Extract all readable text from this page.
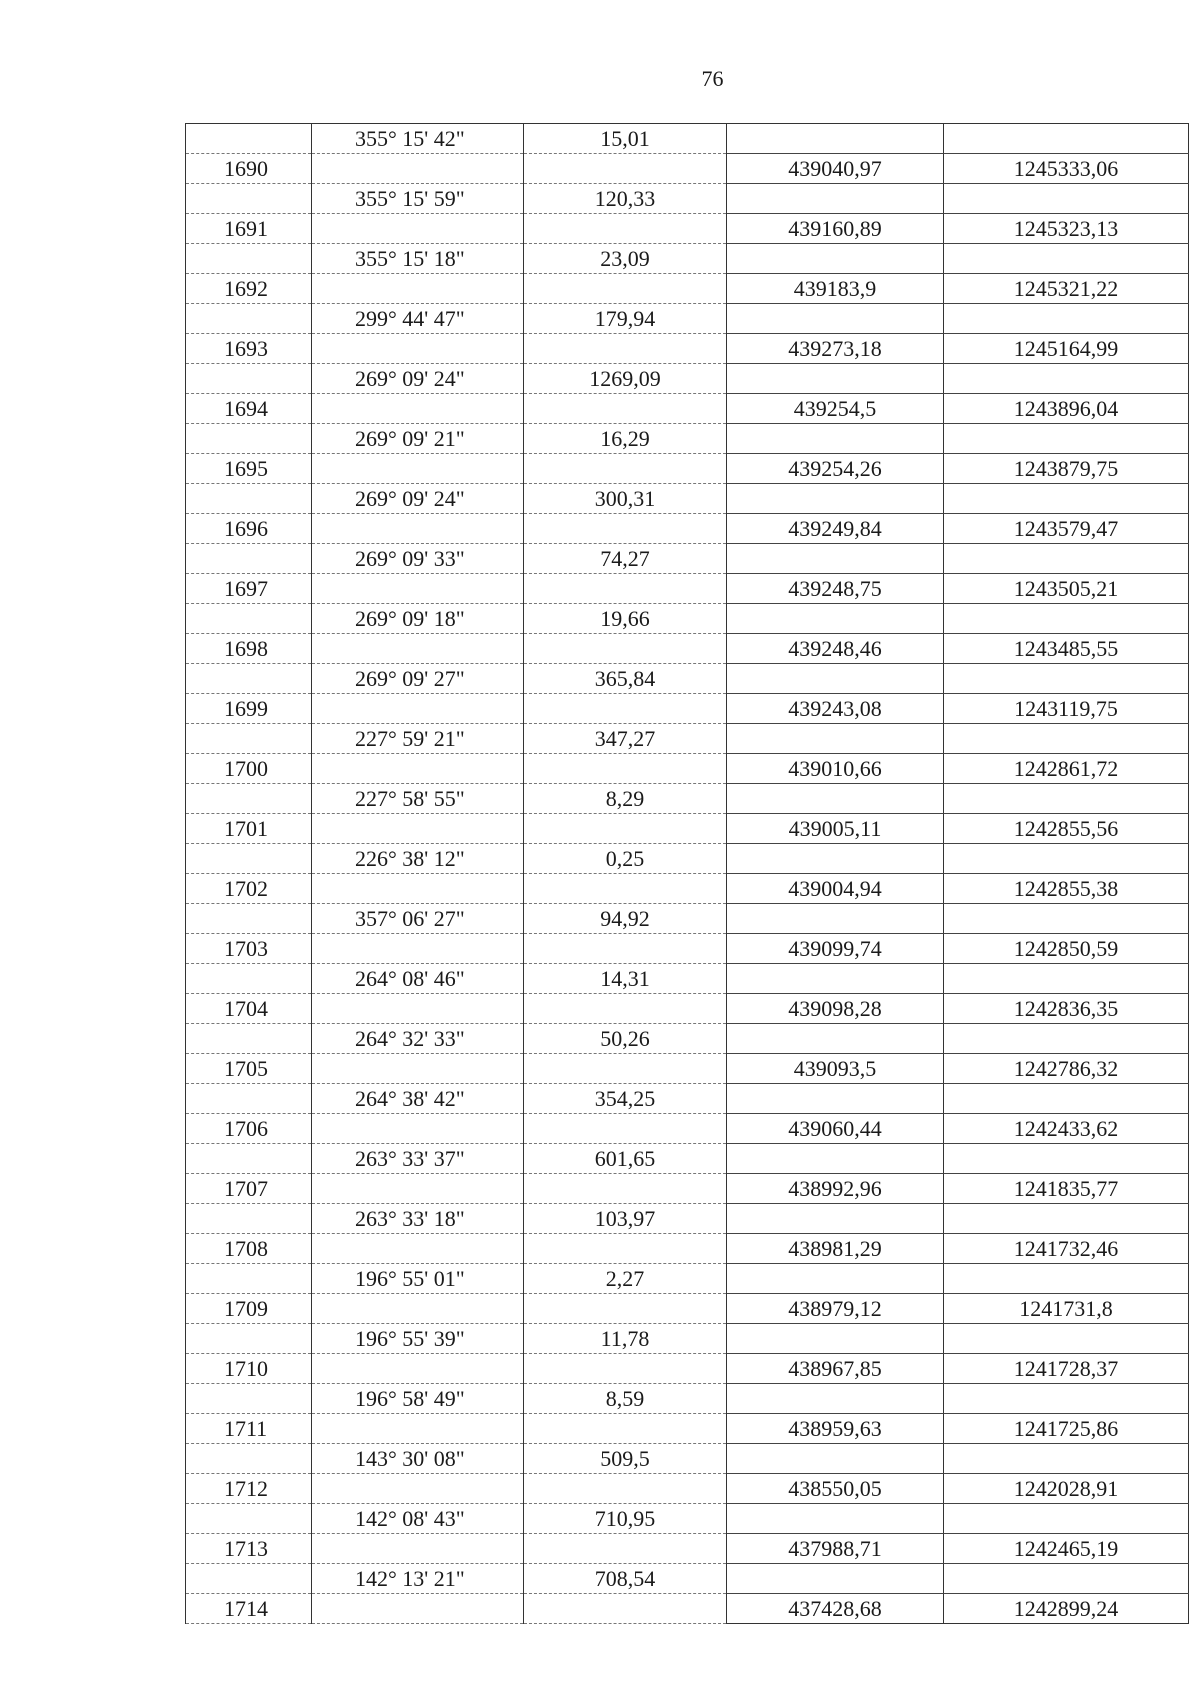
76
	355° 15' 42"	15,01		
1690			439040,97	1245333,06
	355° 15' 59"	120,33		
1691			439160,89	1245323,13
	355° 15' 18"	23,09		
1692			439183,9	1245321,22
	299° 44' 47"	179,94		
1693			439273,18	1245164,99
	269° 09' 24"	1269,09		
1694			439254,5	1243896,04
	269° 09' 21"	16,29		
1695			439254,26	1243879,75
	269° 09' 24"	300,31		
1696			439249,84	1243579,47
	269° 09' 33"	74,27		
1697			439248,75	1243505,21
	269° 09' 18"	19,66		
1698			439248,46	1243485,55
	269° 09' 27"	365,84		
1699			439243,08	1243119,75
	227° 59' 21"	347,27		
1700			439010,66	1242861,72
	227° 58' 55"	8,29		
1701			439005,11	1242855,56
	226° 38' 12"	0,25		
1702			439004,94	1242855,38
	357° 06' 27"	94,92		
1703			439099,74	1242850,59
	264° 08' 46"	14,31		
1704			439098,28	1242836,35
	264° 32' 33"	50,26		
1705			439093,5	1242786,32
	264° 38' 42"	354,25		
1706			439060,44	1242433,62
	263° 33' 37"	601,65		
1707			438992,96	1241835,77
	263° 33' 18"	103,97		
1708			438981,29	1241732,46
	196° 55' 01"	2,27		
1709			438979,12	1241731,8
	196° 55' 39"	11,78		
1710			438967,85	1241728,37
	196° 58' 49"	8,59		
1711			438959,63	1241725,86
	143° 30' 08"	509,5		
1712			438550,05	1242028,91
	142° 08' 43"	710,95		
1713			437988,71	1242465,19
	142° 13' 21"	708,54		
1714			437428,68	1242899,24
